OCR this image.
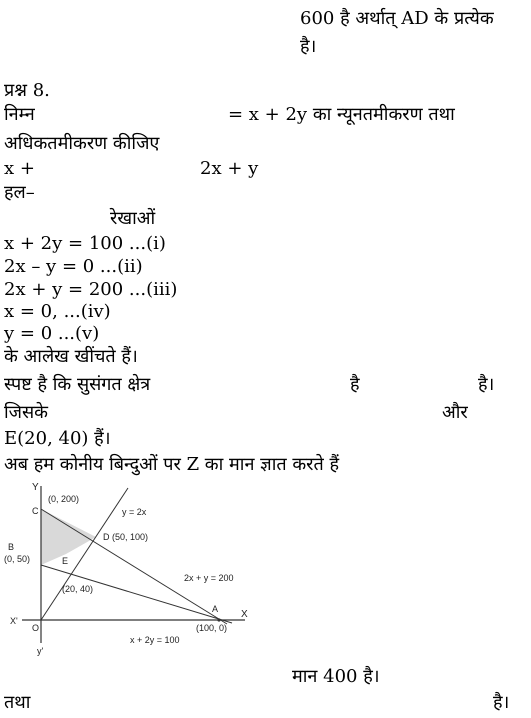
600 है अर्थात् AD के प्रत्येक
है।
प्रश्न 8.
निम्न	= x + 2y का न्यूनतमीकरण तथा
अधिकतमीकरण कीजिए
x +	2x + y
हल–
रेखाओं
x + 2y = 100 ...(i)
2x – y = 0 ...(ii)
2x + y = 200 ...(iii)
x = 0, ...(iv)
y = 0 ...(v)
के आलेख खींचते हैं।
स्पष्ट है कि सुसंगत क्षेत्र	है	है।
जिसके	और
E(20, 40) हैं।
अब हम कोनीय बिन्दुओं पर Z का मान ज्ञात करते हैं
Y
y'
X
X'
O
C
(0, 200)
B
(0, 50)	E
(20, 40)
D (50, 100)
A
(100, 0)
y = 2x
2x + y = 200
x + 2y = 100
मान 400 है।
तथा	है।
